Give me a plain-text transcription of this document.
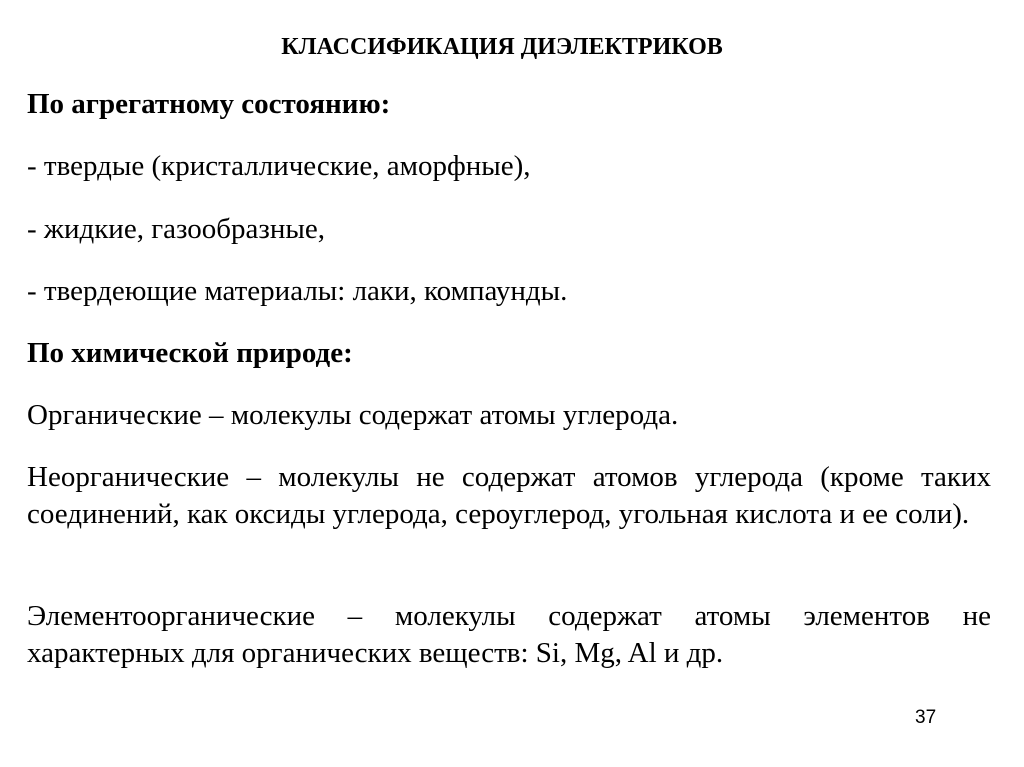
КЛАССИФИКАЦИЯ ДИЭЛЕКТРИКОВ
По агрегатному состоянию:
- твердые (кристаллические, аморфные),
- жидкие, газообразные,
- твердеющие материалы: лаки, компаунды.
По химической природе:
Органические – молекулы содержат атомы углерода.
Неорганические – молекулы не содержат атомов углерода (кроме таких соединений, как оксиды углерода, сероуглерод, угольная кислота и ее соли).
Элементоорганические – молекулы содержат атомы элементов не характерных для органических веществ: Si, Mg, Al и др.
37
